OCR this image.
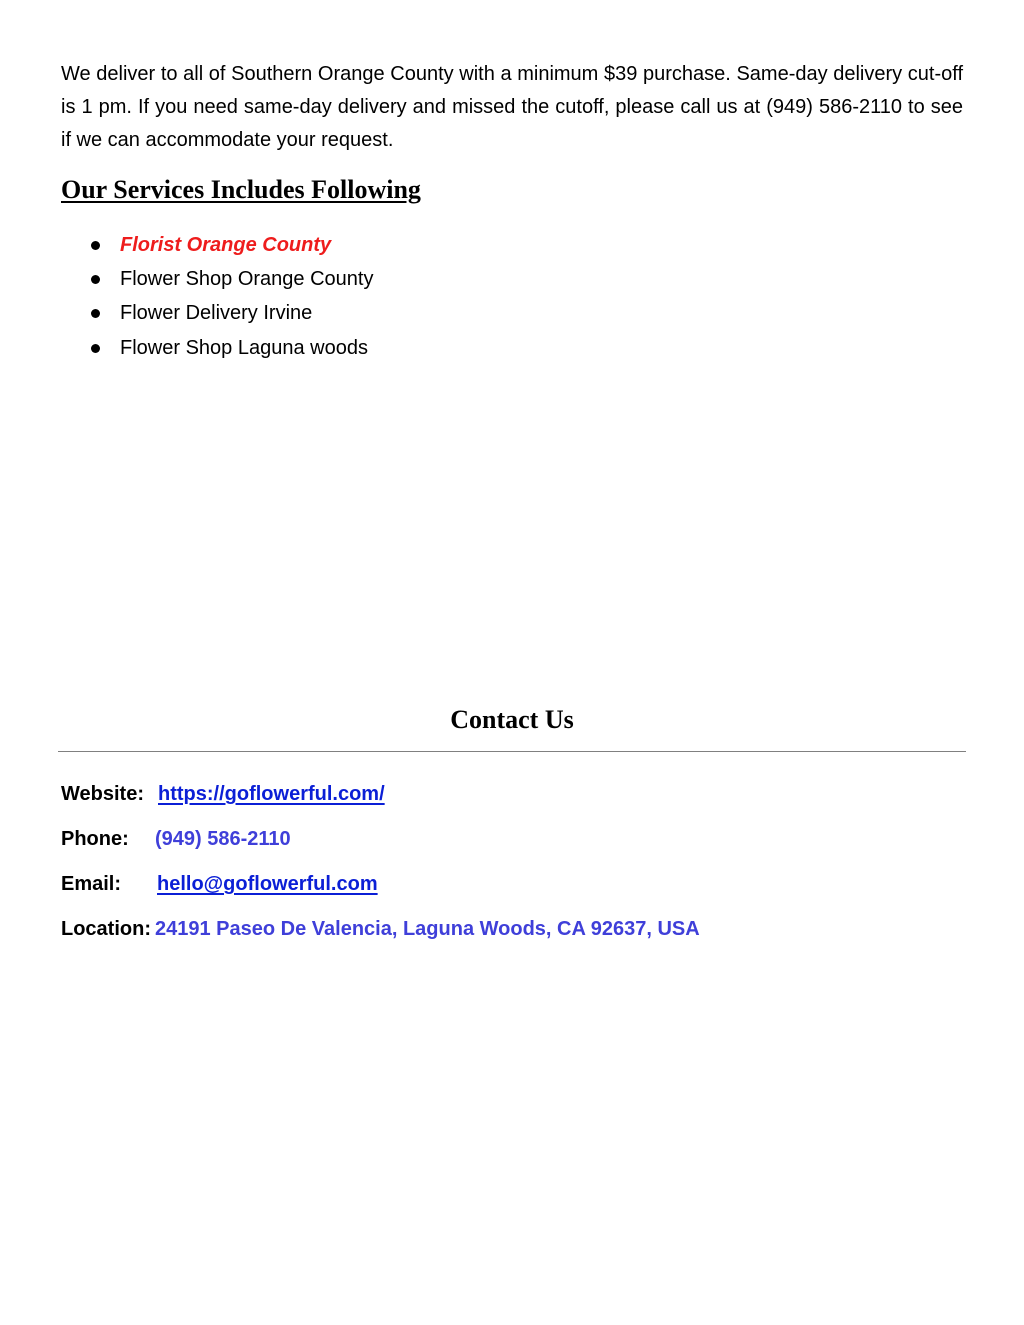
We deliver to all of Southern Orange County with a minimum $39 purchase. Same-day delivery cut-off is 1 pm. If you need same-day delivery and missed the cutoff, please call us at (949) 586-2110 to see if we can accommodate your request.

Our Services Includes Following
Florist Orange County
Flower Shop Orange County
Flower Delivery Irvine
Flower Shop Laguna woods
Contact Us
Website: https://goflowerful.com/
Phone: (949) 586-2110
Email: hello@goflowerful.com
Location: 24191 Paseo De Valencia, Laguna Woods, CA 92637, USA
